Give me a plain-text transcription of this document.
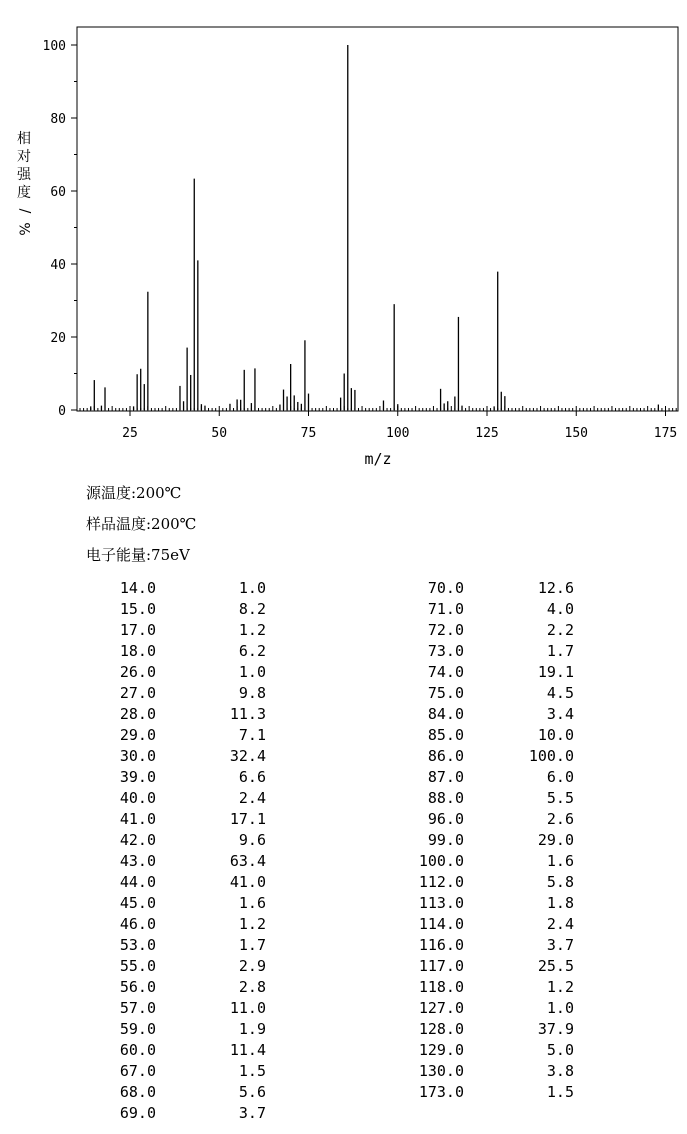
0
20
40
60
80
100
25	50	75	100	125	150	175
m/z
相
对
强
度
/
%
源温度:200℃
样品温度:200℃
电子能量:75eV
14.0	1.0
15.0	8.2
17.0	1.2
18.0	6.2
26.0	1.0
27.0	9.8
28.0	11.3
29.0	7.1
30.0	32.4
39.0	6.6
40.0	2.4
41.0	17.1
42.0	9.6
43.0	63.4
44.0	41.0
45.0	1.6
46.0	1.2
53.0	1.7
55.0	2.9
56.0	2.8
57.0	11.0
59.0	1.9
60.0	11.4
67.0	1.5
68.0	5.6
69.0	3.7
70.0	12.6
71.0	4.0
72.0	2.2
73.0	1.7
74.0	19.1
75.0	4.5
84.0	3.4
85.0	10.0
86.0	100.0
87.0	6.0
88.0	5.5
96.0	2.6
99.0	29.0
100.0	1.6
112.0	5.8
113.0	1.8
114.0	2.4
116.0	3.7
117.0	25.5
118.0	1.2
127.0	1.0
128.0	37.9
129.0	5.0
130.0	3.8
173.0	1.5
